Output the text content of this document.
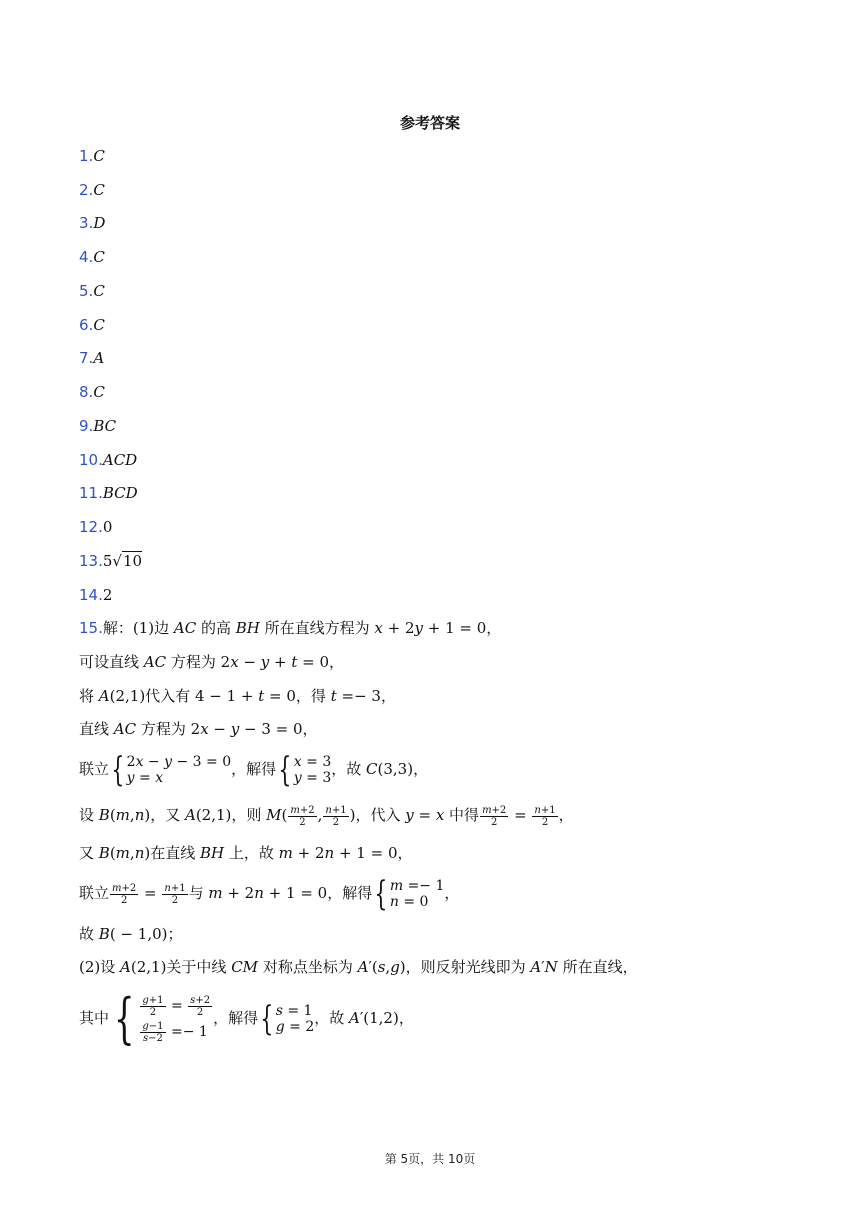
参考答案
1.C
2.C
3.D
4.C
5.C
6.C
7.A
8.C
9.BC
10.ACD
11.BCD
12.0
13.5√10
14.2
15.解：(1)边 AC 的高 BH 所在直线方程为 x + 2y + 1 = 0，
可设直线 AC 方程为 2x − y + t = 0，
将 A(2,1)代入有 4 − 1 + t = 0，得 t =− 3，
直线 AC 方程为 2x − y − 3 = 0，
联立{ 2x − y − 3 = 0
y = x	，解得{ x = 3
y = 3，故 C(3,3)，
设 B(m,n)，又 A(2,1)，则 $M( \frac{m+2}{2}$ , $\frac{n+1}{2}$ )，代入 y = x 中得 $\frac{m+2}{2} = \frac{n+1}{2}$ ，
又 B(m,n)在直线 BH 上，故 m + 2n + 1 = 0，
联立 $\frac{m+2}{2} = \frac{n+1}{2}$ 与 m + 2n + 1 = 0，解得{ m =− 1
n = 0 ，
故 B( − 1,0)；
(2)设 A(2,1)关于中线 CM 对称点坐标为 A′(s,g)，则反射光线即为 A′N 所在直线，
其中{ $\frac{g+1}{2} = \frac{s+2}{2}$

$\frac{g-1}{s-2} =- 1$，解得{ s = 1
g = 2，故 A′(1,2)，
第 5页，共 10页
